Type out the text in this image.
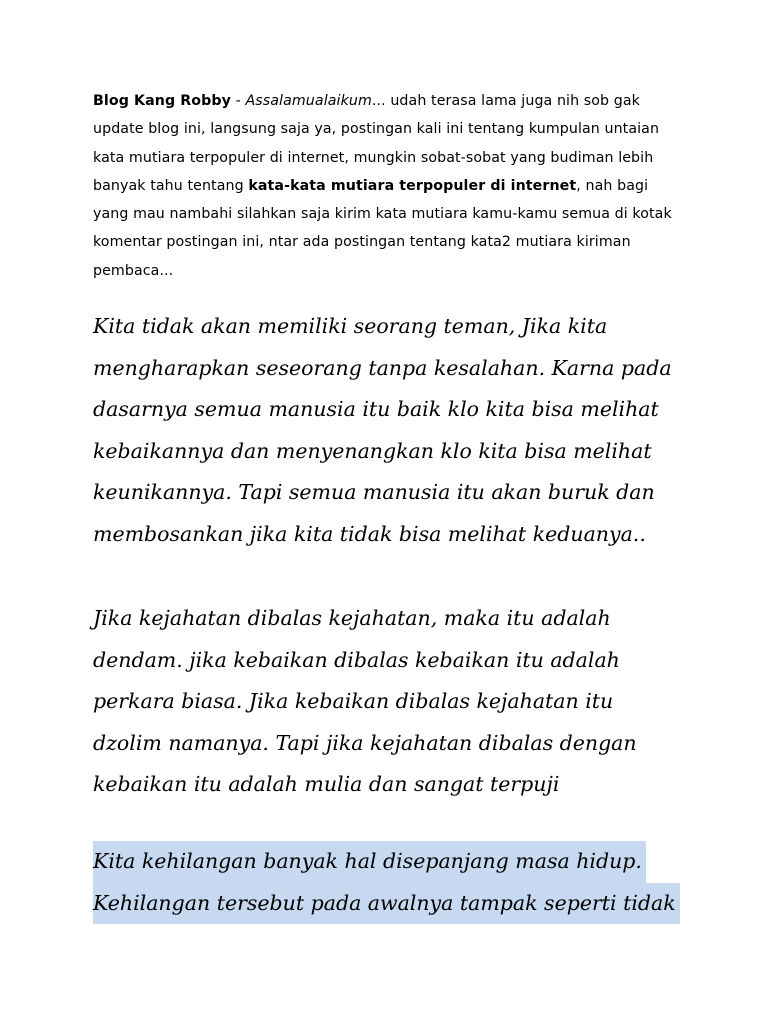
Blog Kang Robby - Assalamualaikum... udah terasa lama juga nih sob gak update blog ini, langsung saja ya, postingan kali ini tentang kumpulan untaian kata mutiara terpopuler di internet, mungkin sobat-sobat yang budiman lebih banyak tahu tentang kata-kata mutiara terpopuler di internet, nah bagi yang mau nambahi silahkan saja kirim kata mutiara kamu-kamu semua di kotak komentar postingan ini, ntar ada postingan tentang kata2 mutiara kiriman pembaca...
Kita tidak akan memiliki seorang teman, Jika kita mengharapkan seseorang tanpa kesalahan. Karna pada dasarnya semua manusia itu baik klo kita bisa melihat kebaikannya dan menyenangkan klo kita bisa melihat keunikannya. Tapi semua manusia itu akan buruk dan membosankan jika kita tidak bisa melihat keduanya..
Jika kejahatan dibalas kejahatan, maka itu adalah dendam. jika kebaikan dibalas kebaikan itu adalah perkara biasa. Jika kebaikan dibalas kejahatan itu dzolim namanya. Tapi jika kejahatan dibalas dengan kebaikan itu adalah mulia dan sangat terpuji
Kita kehilangan banyak hal disepanjang masa hidup.
Kehilangan tersebut pada awalnya tampak seperti tidak
